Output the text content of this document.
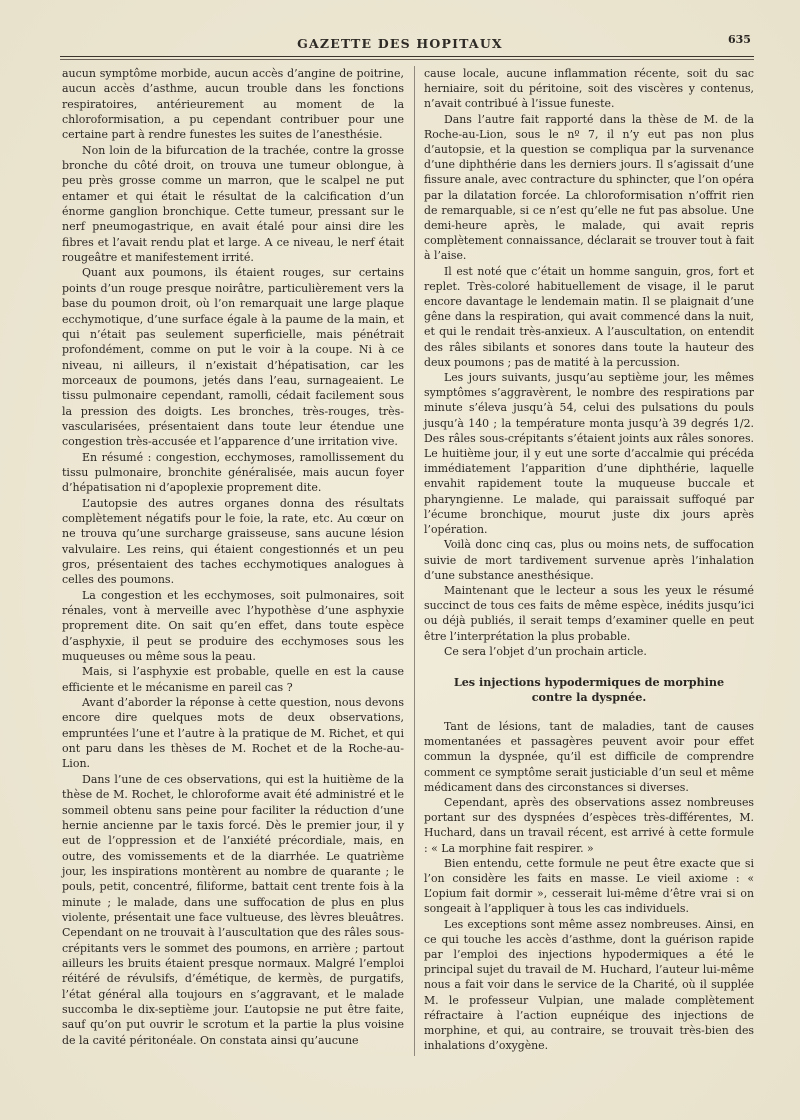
GAZETTE DES HOPITAUX	635

aucun symptôme morbide, aucun accès d’angine de poitrine, aucun accès d’asthme, aucun trouble dans les fonctions respiratoires, antérieurement au moment de la chloroformisation, a pu cependant contribuer pour une certaine part à rendre funestes les suites de l’anesthésie.

Non loin de la bifurcation de la trachée, contre la grosse bronche du côté droit, on trouva une tumeur oblongue, à peu près grosse comme un marron, que le scalpel ne put entamer et qui était le résultat de la calcification d’un énorme ganglion bronchique. Cette tumeur, pressant sur le nerf pneumogastrique, en avait étalé pour ainsi dire les fibres et l’avait rendu plat et large. A ce niveau, le nerf était rougeâtre et manifestement irrité.

Quant aux poumons, ils étaient rouges, sur certains points d’un rouge presque noirâtre, particulièrement vers la base du poumon droit, où l’on remarquait une large plaque ecchymotique, d’une surface égale à la paume de la main, et qui n’était pas seulement superficielle, mais pénétrait profondément, comme on put le voir à la coupe. Ni à ce niveau, ni ailleurs, il n’existait d’hépatisation, car les morceaux de poumons, jetés dans l’eau, surnageaient. Le tissu pulmonaire cependant, ramolli, cédait facilement sous la pression des doigts. Les bronches, très-rouges, très-vascularisées, présentaient dans toute leur étendue une congestion très-accusée et l’apparence d’une irritation vive.

En résumé : congestion, ecchymoses, ramollissement du tissu pulmonaire, bronchite généralisée, mais aucun foyer d’hépatisation ni d’apoplexie proprement dite.

L’autopsie des autres organes donna des résultats complètement négatifs pour le foie, la rate, etc. Au cœur on ne trouva qu’une surcharge graisseuse, sans aucune lésion valvulaire. Les reins, qui étaient congestionnés et un peu gros, présentaient des taches ecchymotiques analogues à celles des poumons.

La congestion et les ecchymoses, soit pulmonaires, soit rénales, vont à merveille avec l’hypothèse d’une asphyxie proprement dite. On sait qu’en effet, dans toute espèce d’asphyxie, il peut se produire des ecchymoses sous les muqueuses ou même sous la peau.

Mais, si l’asphyxie est probable, quelle en est la cause efficiente et le mécanisme en pareil cas ?

Avant d’aborder la réponse à cette question, nous devons encore dire quelques mots de deux observations, empruntées l’une et l’autre à la pratique de M. Richet, et qui ont paru dans les thèses de M. Rochet et de la Roche-au-Lion.

Dans l’une de ces observations, qui est la huitième de la thèse de M. Rochet, le chloroforme avait été administré et le sommeil obtenu sans peine pour faciliter la réduction d’une hernie ancienne par le taxis forcé. Dès le premier jour, il y eut de l’oppression et de l’anxiété précordiale, mais, en outre, des vomissements et de la diarrhée. Le quatrième jour, les inspirations montèrent au nombre de quarante ; le pouls, petit, concentré, filiforme, battait cent trente fois à la minute ; le malade, dans une suffocation de plus en plus violente, présentait une face vultueuse, des lèvres bleuâtres. Cependant on ne trouvait à l’auscultation que des râles sous-crépitants vers le sommet des poumons, en arrière ; partout ailleurs les bruits étaient presque normaux. Malgré l’emploi réitéré de révulsifs, d’émétique, de kermès, de purgatifs, l’état général alla toujours en s’aggravant, et le malade succomba le dix-septième jour. L’autopsie ne put être faite, sauf qu’on put ouvrir le scrotum et la partie la plus voisine de la cavité péritonéale. On constata ainsi qu’aucune

cause locale, aucune inflammation récente, soit du sac herniaire, soit du péritoine, soit des viscères y contenus, n’avait contribué à l’issue funeste.

Dans l’autre fait rapporté dans la thèse de M. de la Roche-au-Lion, sous le nº 7, il n’y eut pas non plus d’autopsie, et la question se compliqua par la survenance d’une diphthérie dans les derniers jours. Il s’agissait d’une fissure anale, avec contracture du sphincter, que l’on opéra par la dilatation forcée. La chloroformisation n’offrit rien de remarquable, si ce n’est qu’elle ne fut pas absolue. Une demi-heure après, le malade, qui avait repris complètement connaissance, déclarait se trouver tout à fait à l’aise.

Il est noté que c’était un homme sanguin, gros, fort et replet. Très-coloré habituellement de visage, il le parut encore davantage le lendemain matin. Il se plaignait d’une gêne dans la respiration, qui avait commencé dans la nuit, et qui le rendait très-anxieux. A l’auscultation, on entendit des râles sibilants et sonores dans toute la hauteur des deux poumons ; pas de matité à la percussion.

Les jours suivants, jusqu’au septième jour, les mêmes symptômes s’aggravèrent, le nombre des respirations par minute s’éleva jusqu’à 54, celui des pulsations du pouls jusqu’à 140 ; la température monta jusqu’à 39 degrés 1/2. Des râles sous-crépitants s’étaient joints aux râles sonores. Le huitième jour, il y eut une sorte d’accalmie qui précéda immédiatement l’apparition d’une diphthérie, laquelle envahit rapidement toute la muqueuse buccale et pharyngienne. Le malade, qui paraissait suffoqué par l’écume bronchique, mourut juste dix jours après l’opération.

Voilà donc cinq cas, plus ou moins nets, de suffocation suivie de mort tardivement survenue après l’inhalation d’une substance anesthésique.

Maintenant que le lecteur a sous les yeux le résumé succinct de tous ces faits de même espèce, inédits jusqu’ici ou déjà publiés, il serait temps d’examiner quelle en peut être l’interprétation la plus probable.

Ce sera l’objet d’un prochain article.

Les injections hypodermiques de morphine contre la dyspnée.

Tant de lésions, tant de maladies, tant de causes momentanées et passagères peuvent avoir pour effet commun la dyspnée, qu’il est difficile de comprendre comment ce symptôme serait justiciable d’un seul et même médicament dans des circonstances si diverses.

Cependant, après des observations assez nombreuses portant sur des dyspnées d’espèces très-différentes, M. Huchard, dans un travail récent, est arrivé à cette formule : « La morphine fait respirer. »

Bien entendu, cette formule ne peut être exacte que si l’on considère les faits en masse. Le vieil axiome : « L’opium fait dormir », cesserait lui-même d’être vrai si on songeait à l’appliquer à tous les cas individuels.

Les exceptions sont même assez nombreuses. Ainsi, en ce qui touche les accès d’asthme, dont la guérison rapide par l’emploi des injections hypodermiques a été le principal sujet du travail de M. Huchard, l’auteur lui-même nous a fait voir dans le service de la Charité, où il supplée M. le professeur Vulpian, une malade complètement réfractaire à l’action eupnéique des injections de morphine, et qui, au contraire, se trouvait très-bien des inhalations d’oxygène.
